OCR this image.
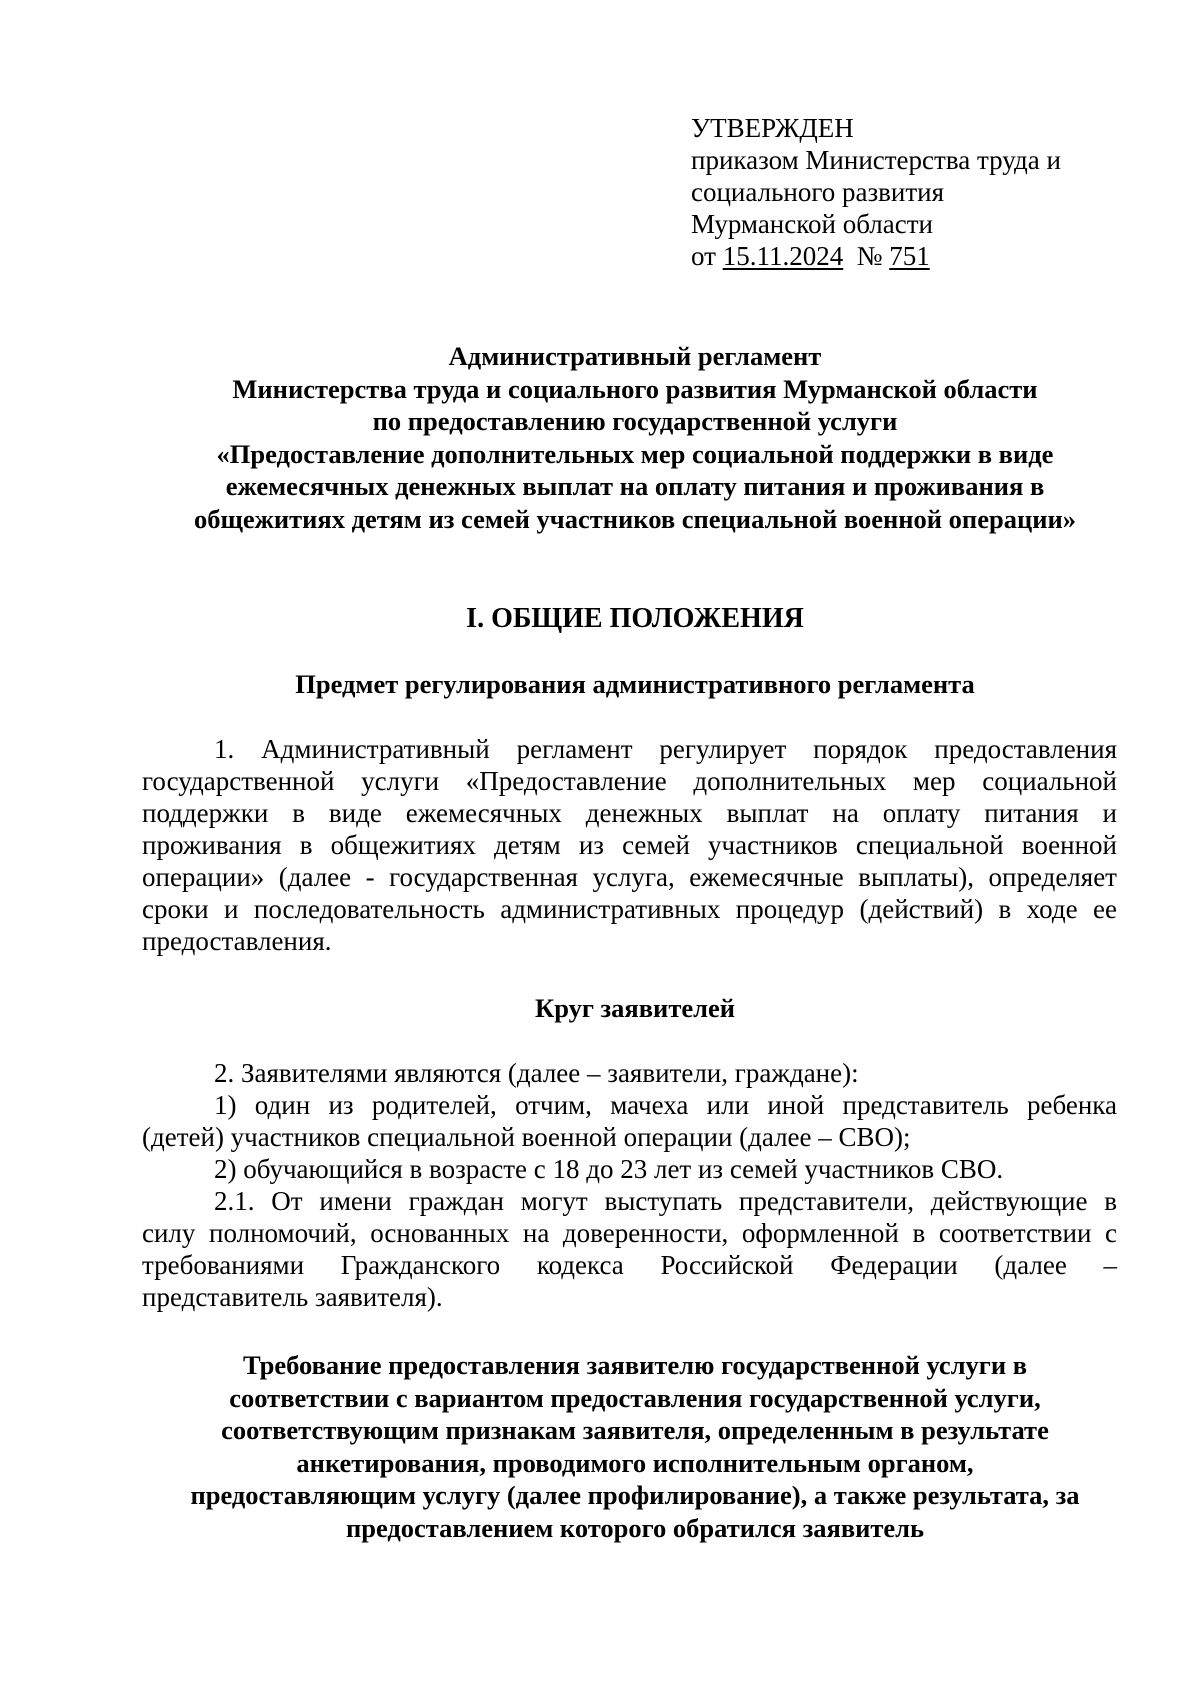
УТВЕРЖДЕН
приказом Министерства труда и
социального развития
Мурманской области
от 15.11.2024 № 751
Административный регламент
Министерства труда и социального развития Мурманской области
по предоставлению государственной услуги
«Предоставление дополнительных мер социальной поддержки в виде
ежемесячных денежных выплат на оплату питания и проживания в
общежитиях детям из семей участников специальной военной операции»
I. ОБЩИЕ ПОЛОЖЕНИЯ
Предмет регулирования административного регламента
1. Административный регламент регулирует порядок предоставления
государственной услуги «Предоставление дополнительных мер социальной
поддержки в виде ежемесячных денежных выплат на оплату питания и
проживания в общежитиях детям из семей участников специальной военной
операции» (далее - государственная услуга, ежемесячные выплаты), определяет
сроки и последовательность административных процедур (действий) в ходе ее
предоставления.
Круг заявителей
2. Заявителями являются (далее – заявители, граждане):
1) один из родителей, отчим, мачеха или иной представитель ребенка
(детей) участников специальной военной операции (далее – СВО);
2) обучающийся в возрасте с 18 до 23 лет из семей участников СВО.
2.1. От имени граждан могут выступать представители, действующие в
силу полномочий, основанных на доверенности, оформленной в соответствии с
требованиями Гражданского кодекса Российской Федерации (далее –
представитель заявителя).
Требование предоставления заявителю государственной услуги в
соответствии с вариантом предоставления государственной услуги,
соответствующим признакам заявителя, определенным в результате
анкетирования, проводимого исполнительным органом,
предоставляющим услугу (далее профилирование), а также результата, за
предоставлением которого обратился заявитель
